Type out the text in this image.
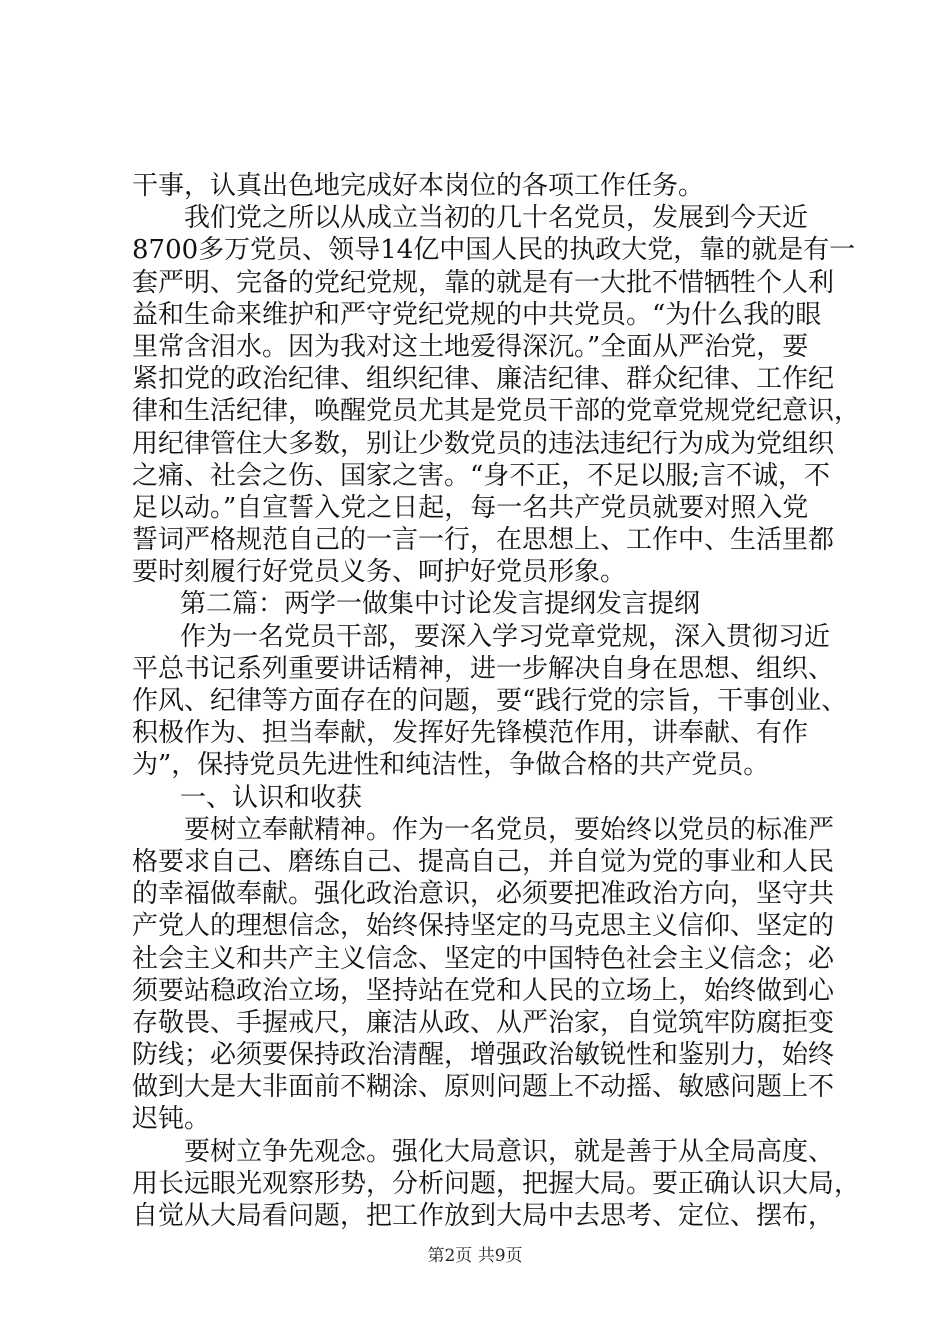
干事，认真出色地完成好本岗位的各项工作任务。
我们党之所以从成立当初的几十名党员，发展到今天近
8700多万党员、领导14亿中国人民的执政大党，靠的就是有一
套严明、完备的党纪党规，靠的就是有一大批不惜牺牲个人利
益和生命来维护和严守党纪党规的中共党员。“为什么我的眼
里常含泪水。因为我对这土地爱得深沉。”全面从严治党，要
紧扣党的政治纪律、组织纪律、廉洁纪律、群众纪律、工作纪
律和生活纪律，唤醒党员尤其是党员干部的党章党规党纪意识，
用纪律管住大多数，别让少数党员的违法违纪行为成为党组织
之痛、社会之伤、国家之害。“身不正，不足以服;言不诚，不
足以动。”自宣誓入党之日起，每一名共产党员就要对照入党
誓词严格规范自己的一言一行，在思想上、工作中、生活里都
要时刻履行好党员义务、呵护好党员形象。
第二篇：两学一做集中讨论发言提纲发言提纲
作为一名党员干部，要深入学习党章党规，深入贯彻习近
平总书记系列重要讲话精神，进一步解决自身在思想、组织、
作风、纪律等方面存在的问题，要“践行党的宗旨，干事创业、
积极作为、担当奉献，发挥好先锋模范作用，讲奉献、有作
为”，保持党员先进性和纯洁性，争做合格的共产党员。
一、认识和收获
要树立奉献精神。作为一名党员，要始终以党员的标准严
格要求自己、磨练自己、提高自己，并自觉为党的事业和人民
的幸福做奉献。强化政治意识，必须要把准政治方向，坚守共
产党人的理想信念，始终保持坚定的马克思主义信仰、坚定的
社会主义和共产主义信念、坚定的中国特色社会主义信念；必
须要站稳政治立场，坚持站在党和人民的立场上，始终做到心
存敬畏、手握戒尺，廉洁从政、从严治家，自觉筑牢防腐拒变
防线；必须要保持政治清醒，增强政治敏锐性和鉴别力，始终
做到大是大非面前不糊涂、原则问题上不动摇、敏感问题上不
迟钝。
要树立争先观念。强化大局意识，就是善于从全局高度、
用长远眼光观察形势，分析问题，把握大局。要正确认识大局，
自觉从大局看问题，把工作放到大局中去思考、定位、摆布，
第2页 共9页
